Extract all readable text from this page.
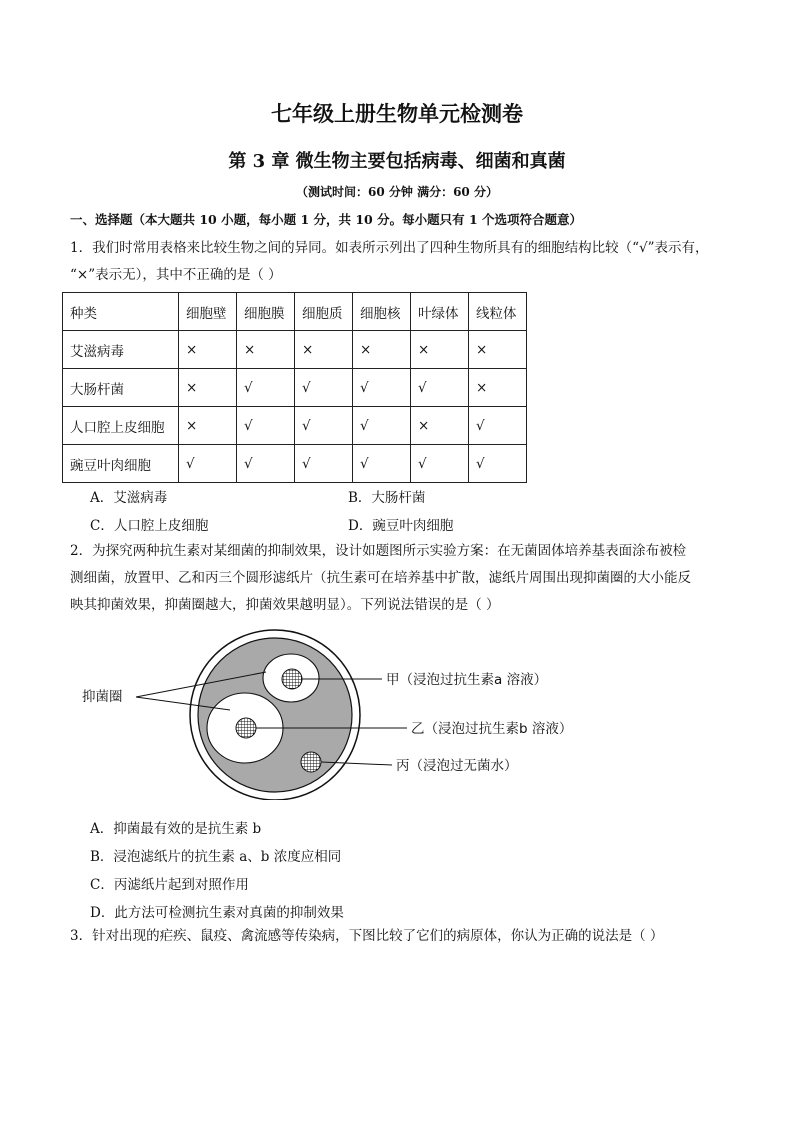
七年级上册生物单元检测卷
第 3 章 微生物主要包括病毒、细菌和真菌
（测试时间：60 分钟 满分：60 分）
一、选择题（本大题共 10 小题，每小题 1 分，共 10 分。每小题只有 1 个选项符合题意）
1．我们时常用表格来比较生物之间的异同。如表所示列出了四种生物所具有的细胞结构比较（“√”表示有，
“×”表示无），其中不正确的是（ ）
种类	细胞壁	细胞膜	细胞质	细胞核	叶绿体	线粒体
艾滋病毒	×	×	×	×	×	×
大肠杆菌	×	√	√	√	√	×
人口腔上皮细胞	×	√	√	√	×	√
豌豆叶肉细胞	√	√	√	√	√	√
A．艾滋病毒	B．大肠杆菌
C．人口腔上皮细胞	D．豌豆叶肉细胞
2．为探究两种抗生素对某细菌的抑制效果，设计如题图所示实验方案：在无菌固体培养基表面涂布被检
测细菌，放置甲、乙和丙三个圆形滤纸片（抗生素可在培养基中扩散，滤纸片周围出现抑菌圈的大小能反
映其抑菌效果，抑菌圈越大，抑菌效果越明显）。下列说法错误的是（ ）
抑菌圈
甲（浸泡过抗生素a 溶液）
乙（浸泡过抗生素b 溶液）
丙（浸泡过无菌水）
A．抑菌最有效的是抗生素 b
B．浸泡滤纸片的抗生素 a、b 浓度应相同
C．丙滤纸片起到对照作用
D．此方法可检测抗生素对真菌的抑制效果
3．针对出现的疟疾、鼠疫、禽流感等传染病，下图比较了它们的病原体，你认为正确的说法是（ ）
